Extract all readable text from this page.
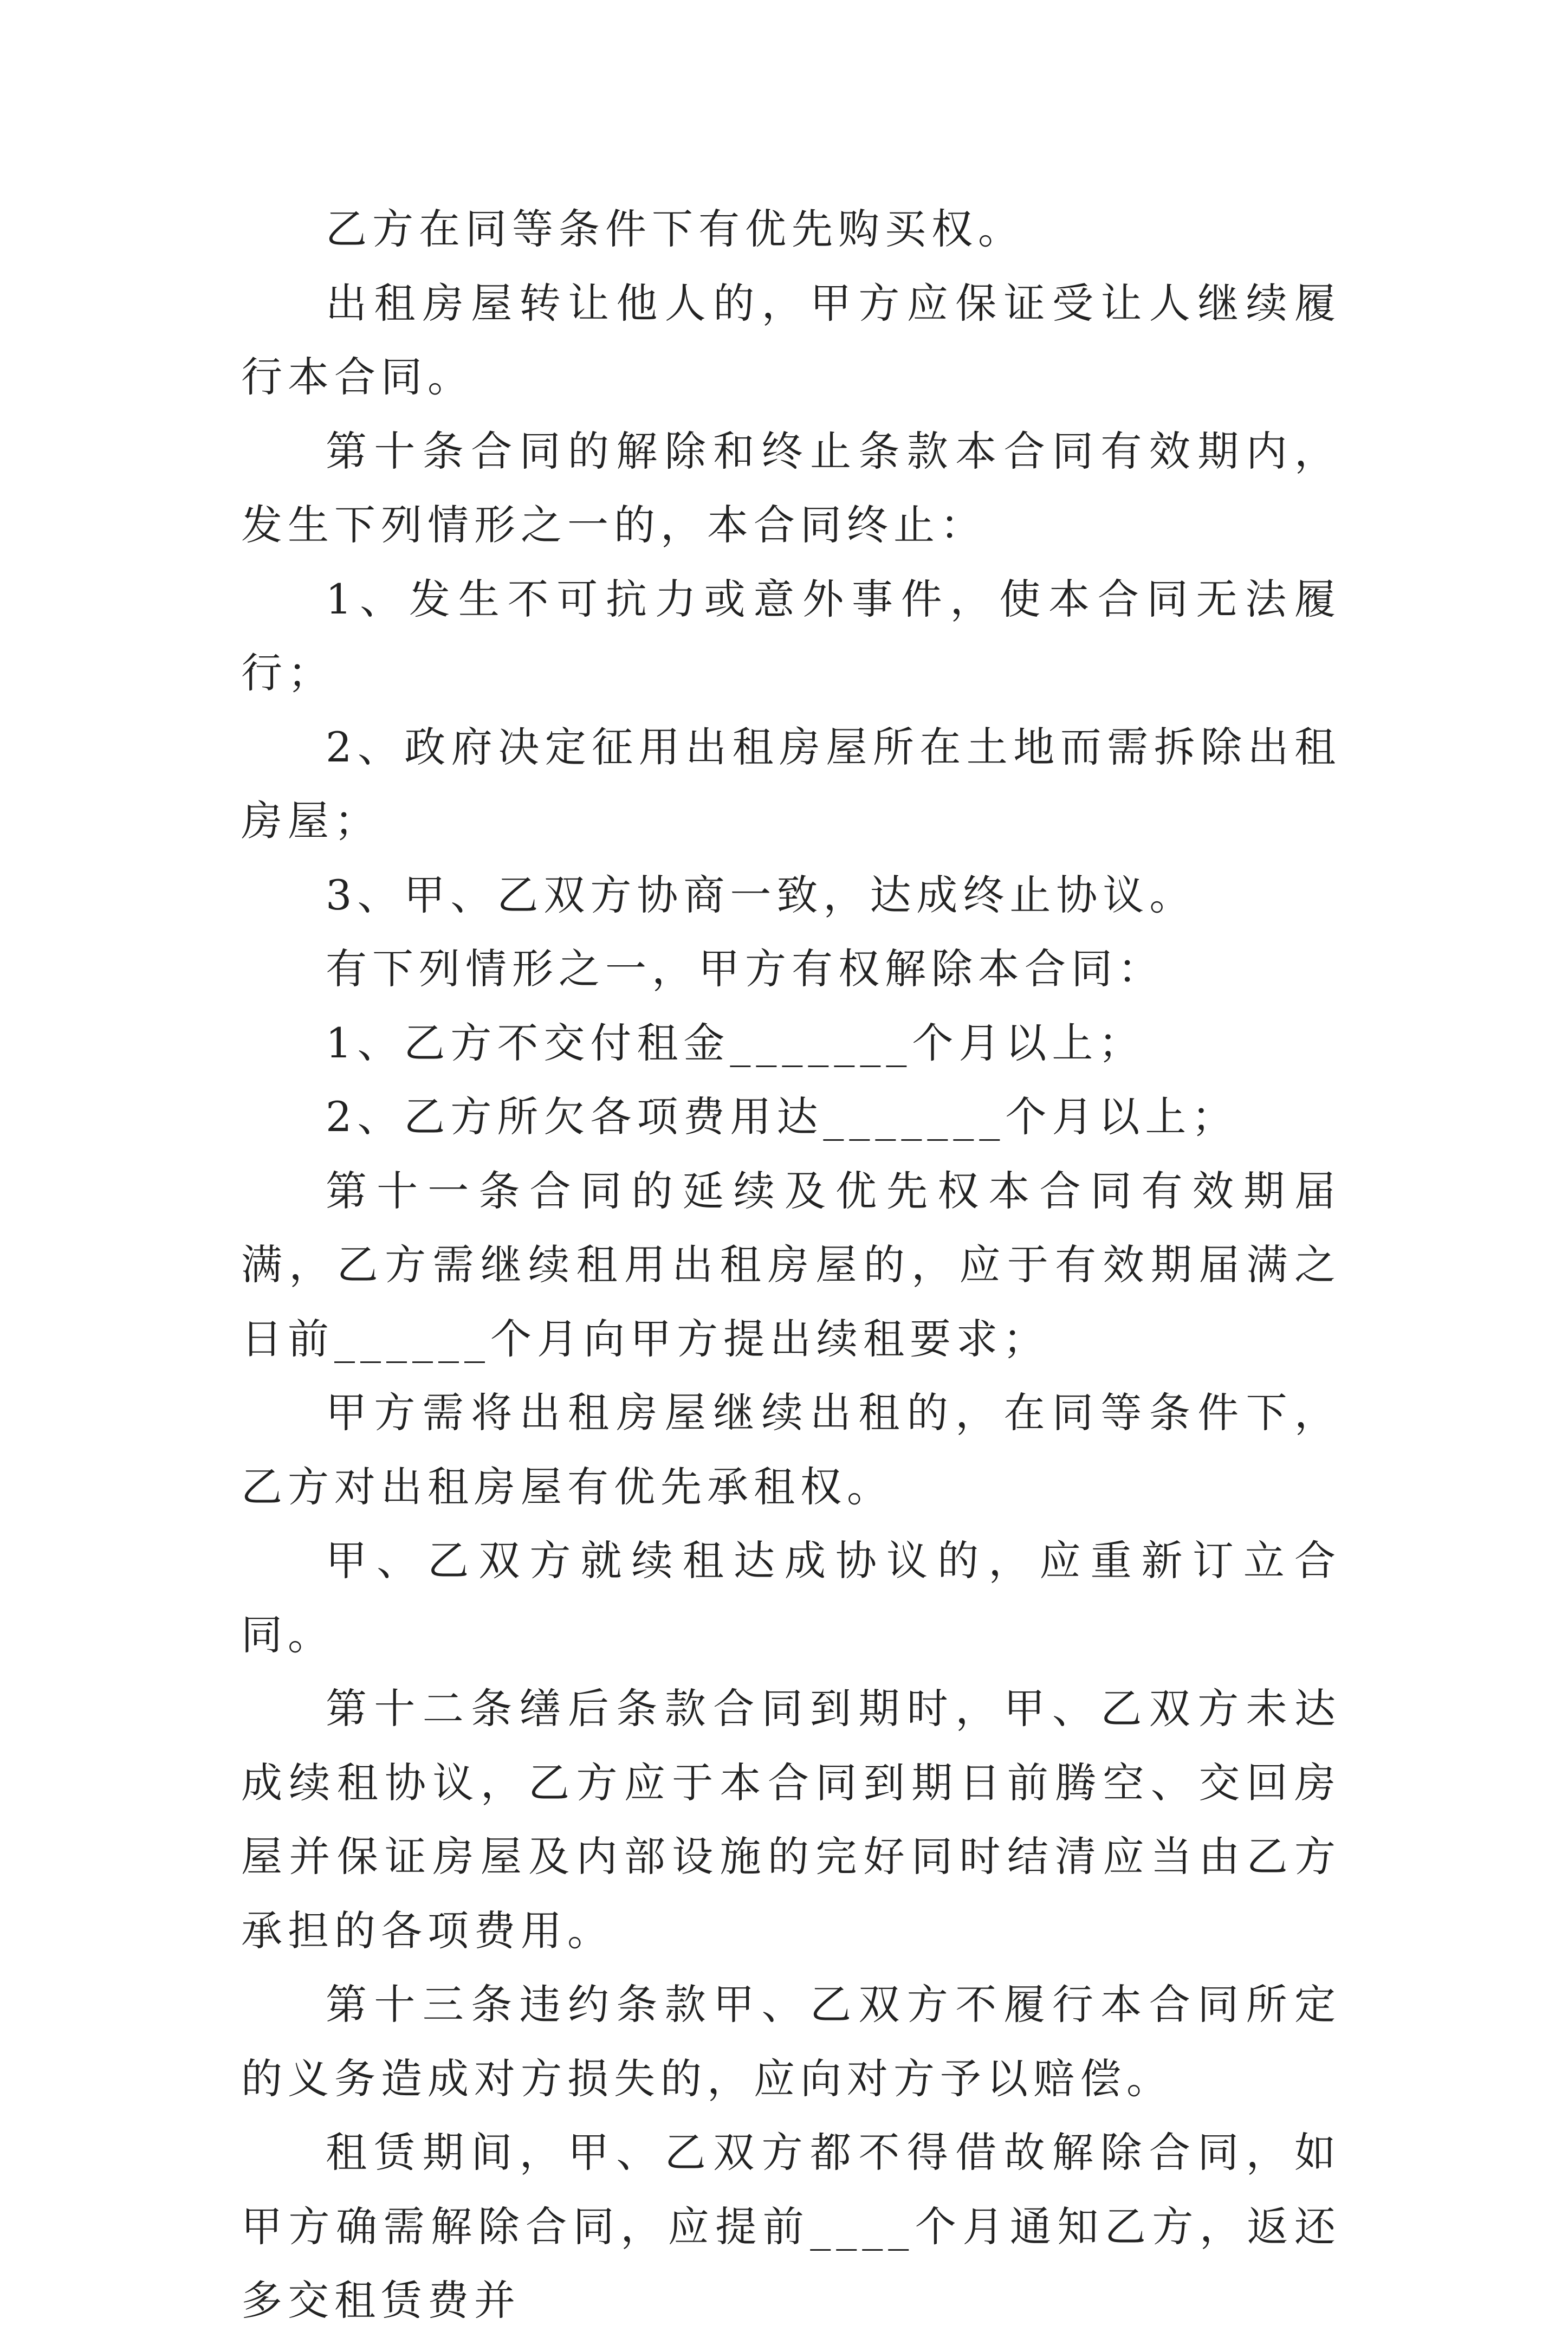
乙方在同等条件下有优先购买权。

出租房屋转让他人的，甲方应保证受让人继续履行本合同。

第十条合同的解除和终止条款本合同有效期内，发生下列情形之一的，本合同终止：

1、发生不可抗力或意外事件，使本合同无法履行；

2、政府决定征用出租房屋所在土地而需拆除出租房屋；

3、甲、乙双方协商一致，达成终止协议。

有下列情形之一，甲方有权解除本合同：

1、乙方不交付租金_______个月以上；

2、乙方所欠各项费用达_______个月以上；

第十一条合同的延续及优先权本合同有效期届满，乙方需继续租用出租房屋的，应于有效期届满之日前______个月向甲方提出续租要求；

甲方需将出租房屋继续出租的，在同等条件下，乙方对出租房屋有优先承租权。

甲、乙双方就续租达成协议的，应重新订立合同。

第十二条缮后条款合同到期时，甲、乙双方未达成续租协议，乙方应于本合同到期日前腾空、交回房屋并保证房屋及内部设施的完好同时结清应当由乙方承担的各项费用。

第十三条违约条款甲、乙双方不履行本合同所定的义务造成对方损失的，应向对方予以赔偿。

租赁期间，甲、乙双方都不得借故解除合同，如甲方确需解除合同，应提前____个月通知乙方，返还多交租赁费并
